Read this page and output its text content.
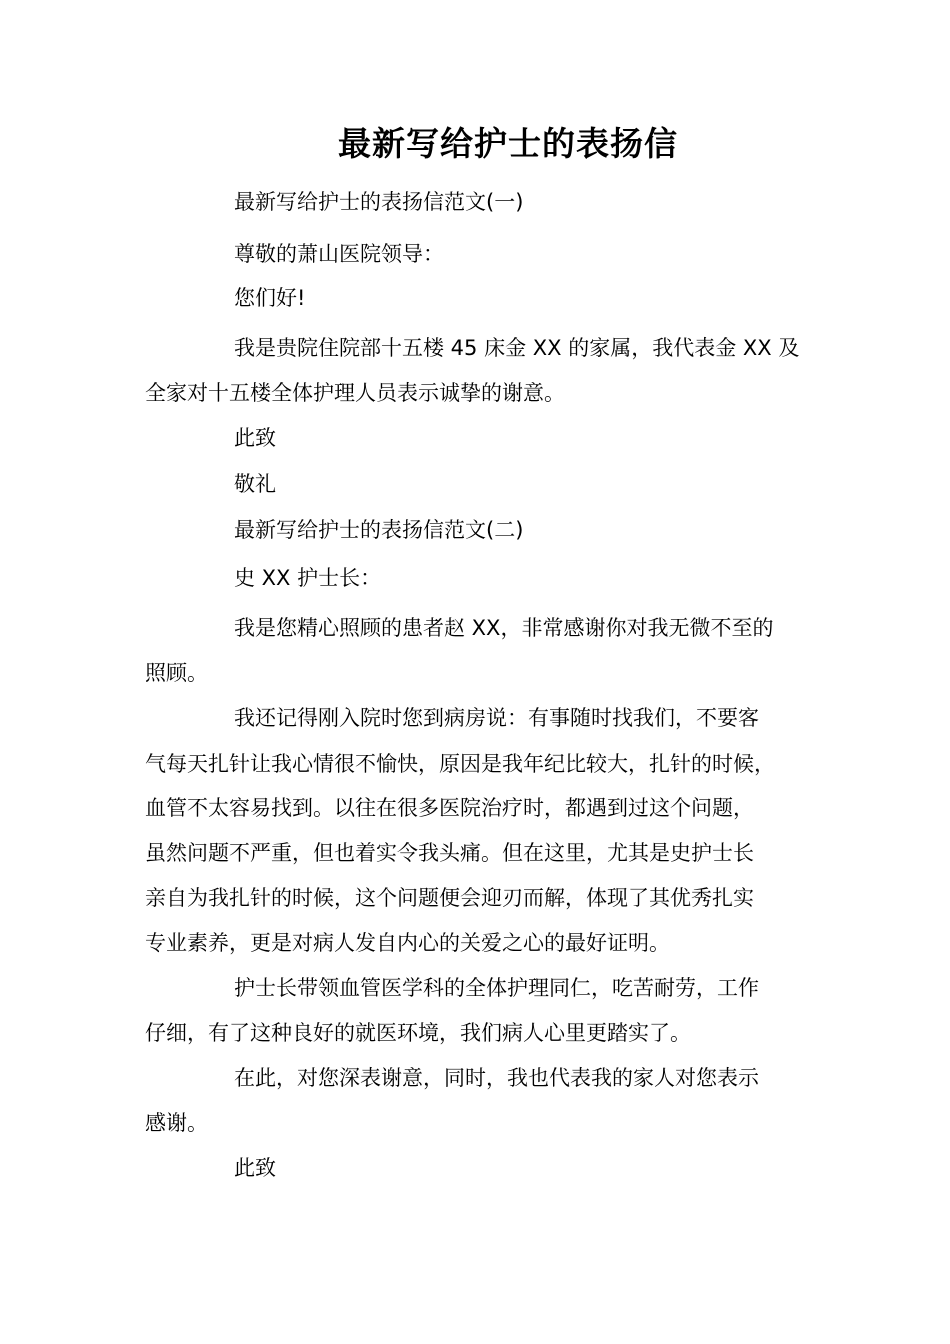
最新写给护士的表扬信

最新写给护士的表扬信范文(一)

尊敬的萧山医院领导：

您们好!

我是贵院住院部十五楼 45 床金 XX 的家属，我代表金 XX 及

全家对十五楼全体护理人员表示诚挚的谢意。

此致

敬礼

最新写给护士的表扬信范文(二)

史 XX 护士长：

我是您精心照顾的患者赵 XX，非常感谢你对我无微不至的

照顾。

我还记得刚入院时您到病房说：有事随时找我们，不要客

气每天扎针让我心情很不愉快，原因是我年纪比较大，扎针的时候，

血管不太容易找到。以往在很多医院治疗时，都遇到过这个问题，

虽然问题不严重，但也着实令我头痛。但在这里，尤其是史护士长

亲自为我扎针的时候，这个问题便会迎刃而解，体现了其优秀扎实

专业素养，更是对病人发自内心的关爱之心的最好证明。

护士长带领血管医学科的全体护理同仁，吃苦耐劳，工作

仔细，有了这种良好的就医环境，我们病人心里更踏实了。

在此，对您深表谢意，同时，我也代表我的家人对您表示

感谢。

此致
